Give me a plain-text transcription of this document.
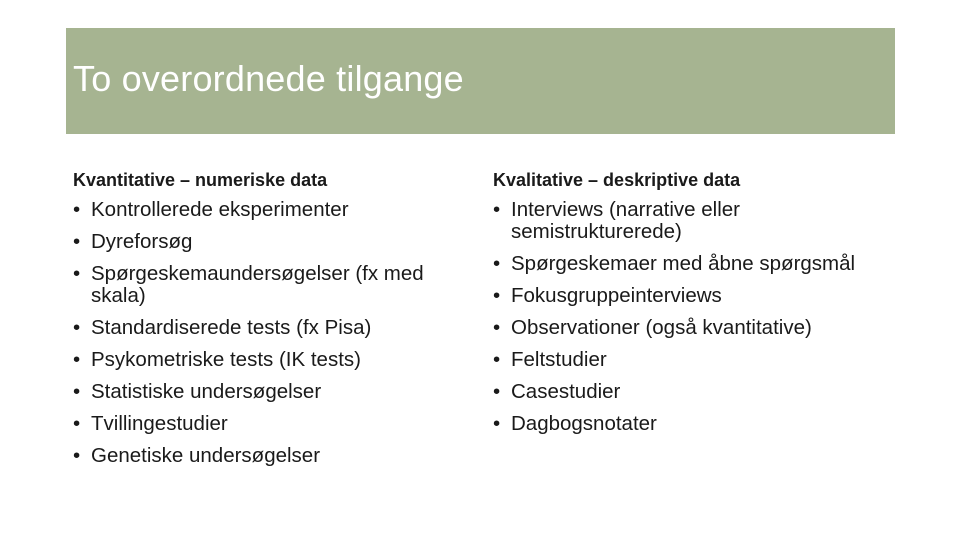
To overordnede tilgange
Kvantitative – numeriske data
• Kontrollerede eksperimenter
• Dyreforsøg
• Spørgeskemaundersøgelser (fx med skala)
• Standardiserede tests (fx Pisa)
• Psykometriske tests (IK tests)
• Statistiske undersøgelser
• Tvillingestudier
• Genetiske undersøgelser
Kvalitative – deskriptive data
• Interviews (narrative eller semistrukturerede)
• Spørgeskemaer med åbne spørgsmål
• Fokusgruppeinterviews
• Observationer (også kvantitative)
• Feltstudier
• Casestudier
• Dagbogsnotater
